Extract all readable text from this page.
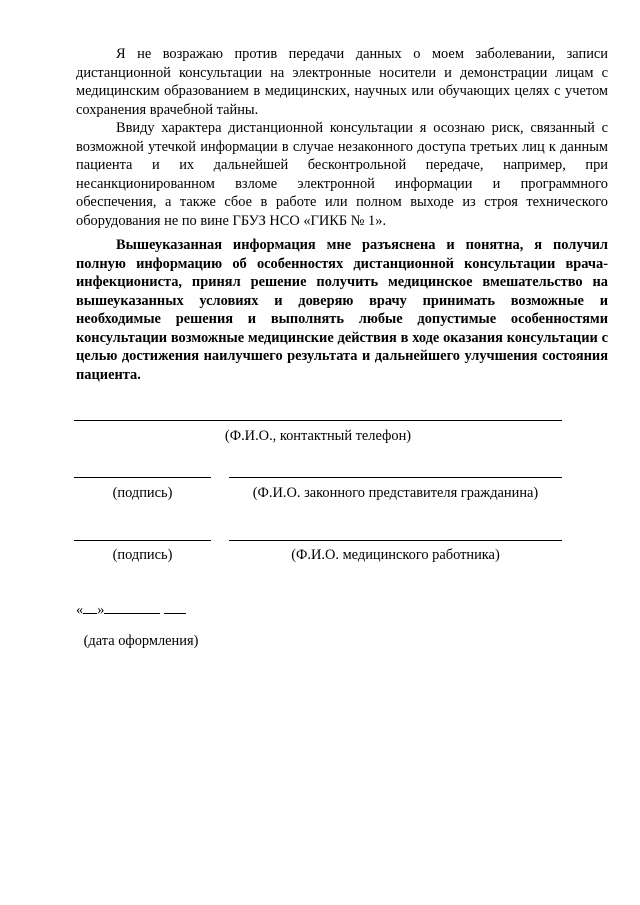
Я не возражаю против передачи данных о моем заболевании, записи дистанционной консультации на электронные носители и демонстрации лицам с медицинским образованием в медицинских, научных или обучающих целях с учетом сохранения врачебной тайны.

Ввиду характера дистанционной консультации я осознаю риск, связанный с возможной утечкой информации в случае незаконного доступа третьих лиц к данным пациента и их дальнейшей бесконтрольной передаче, например, при несанкционированном взломе электронной информации и программного обеспечения, а также сбое в работе или полном выходе из строя технического оборудования не по вине ГБУЗ НСО «ГИКБ № 1».

Вышеуказанная информация мне разъяснена и понятна, я получил полную информацию об особенностях дистанционной консультации врача-инфекциониста, принял решение получить медицинское вмешательство на вышеуказанных условиях и доверяю врачу принимать возможные и необходимые решения и выполнять любые допустимые особенностями консультации возможные медицинские действия в ходе оказания консультации с целью достижения наилучшего результата и дальнейшего улучшения состояния пациента.

(Ф.И.О., контактный телефон)
(подпись)	(Ф.И.О. законного представителя гражданина)
(подпись)	(Ф.И.О. медицинского работника)
« »
(дата оформления)
